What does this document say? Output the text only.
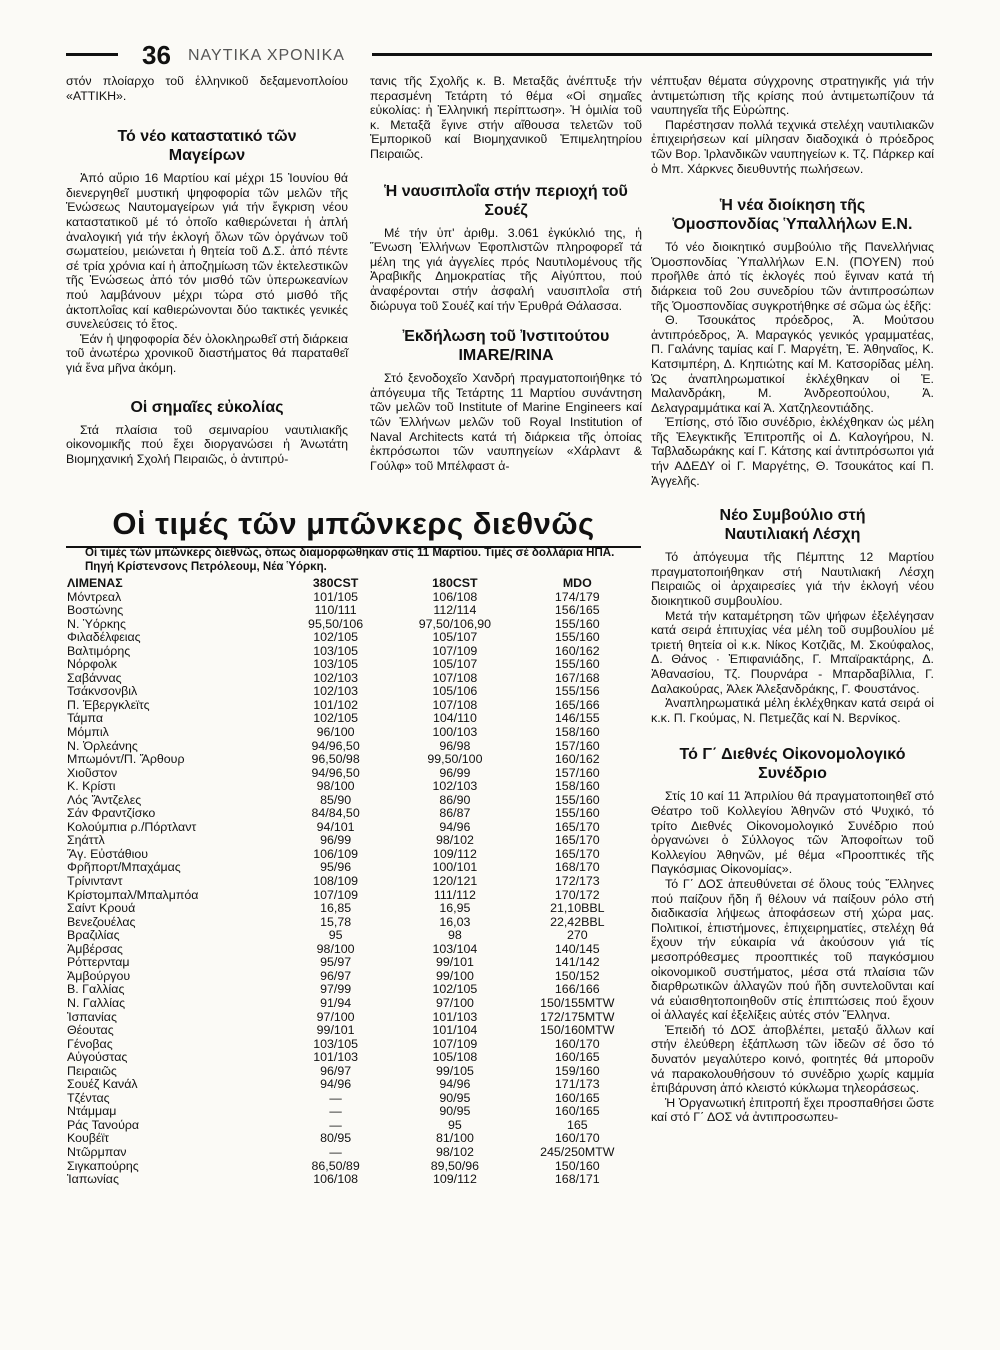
36 ΝΑΥΤΙΚΑ ΧΡΟΝΙΚΑ

στόν πλοίαρχο τοῦ ἑλληνικοῦ δεξαμενοπλοίου «ΑΤΤΙΚΗ».

Τό νέο καταστατικό τῶν Μαγείρων

Ἀπό αὔριο 16 Μαρτίου καί μέχρι 15 Ἰουνίου θά διενεργηθεῖ μυστική ψηφοφορία τῶν μελῶν τῆς Ἑνώσεως Ναυτομαγείρων γιά τήν ἔγκριση νέου καταστατικοῦ μέ τό ὁποῖο καθιερώνεται ἡ ἁπλή ἀναλογική γιά τήν ἐκλογή ὅλων τῶν ὀργάνων τοῦ σωματείου, μειώνεται ἡ θητεία τοῦ Δ.Σ. ἀπό πέντε σέ τρία χρόνια καί ἡ ἀποζημίωση τῶν ἐκτελεστικῶν τῆς Ἑνώσεως ἀπό τόν μισθό τῶν ὑπερωκεανίων πού λαμβάνουν μέχρι τώρα στό μισθό τῆς ἀκτοπλοΐας καί καθιερώνονται δύο τακτικές γενικές συνελεύσεις τό ἔτος.

Ἐάν ἡ ψηφοφορία δέν ὁλοκληρωθεῖ στή διάρκεια τοῦ ἀνωτέρω χρονικοῦ διαστήματος θά παραταθεῖ γιά ἕνα μῆνα ἀκόμη.

Οἱ σημαῖες εὐκολίας

Στά πλαίσια τοῦ σεμιναρίου ναυτιλιακῆς οἰκονομικῆς πού ἔχει διοργανώσει ἡ Ἀνωτάτη Βιομηχανική Σχολή Πειραιῶς, ὁ ἀντιπρύ-

τανις τῆς Σχολῆς κ. Β. Μεταξᾶς ἀνέπτυξε τήν περασμένη Τετάρτη τό θέμα «Οἱ σημαῖες εὐκολίας: ἡ Ἑλληνική περίπτωση». Ἡ ὁμιλία τοῦ κ. Μεταξᾶ ἔγινε στήν αἴθουσα τελετῶν τοῦ Ἐμπορικοῦ καί Βιομηχανικοῦ Ἐπιμελητηρίου Πειραιῶς.

Ἡ ναυσιπλοΐα στήν περιοχή τοῦ Σουέζ

Μέ τήν ὑπ' ἀριθμ. 3.061 ἐγκύκλιό της, ἡ Ἕνωση Ἑλλήνων Ἐφοπλιστῶν πληροφορεῖ τά μέλη της γιά ἀγγελίες πρός Ναυτιλομένους τῆς Ἀραβικῆς Δημοκρατίας τῆς Αἰγύπτου, πού ἀναφέρονται στήν ἀσφαλή ναυσιπλοΐα στή διώρυγα τοῦ Σουέζ καί τήν Ἐρυθρά Θάλασσα.

Ἐκδήλωση τοῦ Ἰνστιτούτου IMARE/RINA

Στό ξενοδοχεῖο Χανδρή πραγματοποιήθηκε τό ἀπόγευμα τῆς Τετάρτης 11 Μαρτίου συνάντηση τῶν μελῶν τοῦ Institute of Marine Engineers καί τῶν Ἑλλήνων μελῶν τοῦ Royal Institution of Naval Architects κατά τή διάρκεια τῆς ὁποίας ἐκπρόσωποι τῶν ναυπηγείων «Χάρλαντ & Γούλφ» τοῦ Μπέλφαστ ἀ-

νέπτυξαν θέματα σύγχρονης στρατηγικῆς γιά τήν ἀντιμετώπιση τῆς κρίσης πού ἀντιμετωπίζουν τά ναυπηγεῖα τῆς Εὐρώπης.

Παρέστησαν πολλά τεχνικά στελέχη ναυτιλιακῶν ἐπιχειρήσεων καί μίλησαν διαδοχικά ὁ πρόεδρος τῶν Βορ. Ἰρλανδικῶν ναυπηγείων κ. Τζ. Πάρκερ καί ὁ Μπ. Χάρκνες διευθυντής πωλήσεων.

Ἡ νέα διοίκηση τῆς Ὁμοσπονδίας Ὑπαλλήλων Ε.Ν.

Τό νέο διοικητικό συμβούλιο τῆς Πανελλήνιας Ὁμοσπονδίας Ὑπαλλήλων Ε.Ν. (ΠΟΥΕΝ) πού προῆλθε ἀπό τίς ἐκλογές πού ἔγιναν κατά τή διάρκεια τοῦ 2ου συνεδρίου τῶν ἀντιπροσώπων τῆς Ὁμοσπονδίας συγκροτήθηκε σέ σῶμα ὡς ἑξῆς:

Θ. Τσουκάτος πρόεδρος, Ἀ. Μούτσου ἀντιπρόεδρος, Ἀ. Μαραγκός γενικός γραμματέας, Π. Γαλάνης ταμίας καί Γ. Μαργέτη, Ἐ. Ἀθηναῖος, Κ. Κατσιμπέρη, Δ. Κηπιώτης καί Μ. Κατσορίδας μέλη. Ὡς ἀναπληρωματικοί ἐκλέχθηκαν οἱ Ἐ. Μαλανδράκη, Μ. Ἀνδρεοπούλου, Ἀ. Δελαγραμμάτικα καί Ἀ. Χατζηλεοντιάδης.

Ἐπίσης, στό ἴδιο συνέδριο, ἐκλέχθηκαν ὡς μέλη τῆς Ἐλεγκτικῆς Ἐπιτροπῆς οἱ Δ. Καλογήρου, Ν. Ταβλαδωράκης καί Γ. Κάτσης καί ἀντιπρόσωποι γιά τήν ΑΔΕΔΥ οἱ Γ. Μαργέτης, Θ. Τσουκάτος καί Π. Ἀγγελῆς.

Νέο Συμβούλιο στή Ναυτιλιακή Λέσχη

Τό ἀπόγευμα τῆς Πέμπτης 12 Μαρτίου πραγματοποιήθηκαν στή Ναυτιλιακή Λέσχη Πειραιῶς οἱ ἀρχαιρεσίες γιά τήν ἐκλογή νέου διοικητικοῦ συμβουλίου.

Μετά τήν καταμέτρηση τῶν ψήφων ἐξελέγησαν κατά σειρά ἐπιτυχίας νέα μέλη τοῦ συμβουλίου μέ τριετή θητεία οἱ κ.κ. Νίκος Κοτζιᾶς, Μ. Σκούφαλος, Δ. Θάνος · Ἐπιφανιάδης, Γ. Μπαϊρακτάρης, Δ. Ἀθανασίου, Τζ. Πουρνάρα - Μπαρδαβίλλια, Γ. Δαλακούρας, Ἀλεκ Ἀλεξανδράκης, Γ. Φουστάνος.

Ἀναπληρωματικά μέλη ἐκλέχθηκαν κατά σειρά οἱ κ.κ. Π. Γκούμας, Ν. Πετμεζᾶς καί Ν. Βερνίκος.

Τό Γ΄ Διεθνές Οἰκονομολογικό Συνέδριο

Στίς 10 καί 11 Ἀπριλίου θά πραγματοποιηθεῖ στό Θέατρο τοῦ Κολλεγίου Ἀθηνῶν στό Ψυχικό, τό τρίτο Διεθνές Οἰκονομολογικό Συνέδριο πού ὀργανώνει ὁ Σύλλογος τῶν Ἀποφοίτων τοῦ Κολλεγίου Ἀθηνῶν, μέ θέμα «Προοπτικές τῆς Παγκόσμιας Οἰκονομίας».

Τό Γ΄ ΔΟΣ ἀπευθύνεται σέ ὅλους τούς Ἕλληνες πού παίζουν ἤδη ἤ θέλουν νά παίξουν ρόλο στή διαδικασία λήψεως ἀποφάσεων στή χώρα μας. Πολιτικοί, ἐπιστήμονες, ἐπιχειρηματίες, στελέχη θά ἔχουν τήν εὐκαιρία νά ἀκούσουν γιά τίς μεσοπρόθεσμες προοπτικές τοῦ παγκόσμιου οἰκονομικοῦ συστήματος, μέσα στά πλαίσια τῶν διαρθρωτικῶν ἀλλαγῶν πού ἤδη συντελοῦνται καί νά εὐαισθητοποιηθοῦν στίς ἐπιπτώσεις πού ἔχουν οἱ ἀλλαγές καί ἐξελίξεις αὐτές στόν Ἕλληνα.

Ἐπειδή τό ΔΟΣ ἀποβλέπει, μεταξύ ἄλλων καί στήν ἐλεύθερη ἐξάπλωση τῶν ἰδεῶν σέ ὅσο τό δυνατόν μεγαλύτερο κοινό, φοιτητές θά μποροῦν νά παρακολουθήσουν τό συνέδριο χωρίς καμμία ἐπιβάρυνση ἀπό κλειστό κύκλωμα τηλεοράσεως.

Ἡ Ὀργανωτική ἐπιτροπή ἔχει προσπαθήσει ὥστε καί στό Γ΄ ΔΟΣ νά ἀντιπροσωπευ-

Οἱ τιμές τῶν μπῶνκερς διεθνῶς
Οἱ τιμές τῶν μπῶνκερς διεθνῶς, ὅπως διαμορφώθηκαν στίς 11 Μαρτίου. Τιμές σέ δολλάρια ΗΠΑ. Πηγή Κρίστενσονς Πετρόλεουμ, Νέα Ὑόρκη.
ΛΙΜΕΝΑΣ	380CST	180CST	MDO
Μόντρεαλ	101/105	106/108	174/179
Βοστώνης	110/111	112/114	156/165
Ν. Ὑόρκης	95,50/106	97,50/106,90	155/160
Φιλαδέλφειας	102/105	105/107	155/160
Βαλτιμόρης	103/105	107/109	160/162
Νόρφολκ	103/105	105/107	155/160
Σαβάννας	102/103	107/108	167/168
Τσάκνσονβιλ	102/103	105/106	155/156
Π. Ἐβεργκλεϊτς	101/102	107/108	165/166
Τάμπα	102/105	104/110	146/155
Μόμπιλ	96/100	100/103	158/160
Ν. Ὀρλεάνης	94/96,50	96/98	157/160
Μπωμόντ/Π. Ἄρθουρ	96,50/98	99,50/100	160/162
Χιοῦστον	94/96,50	96/99	157/160
Κ. Κρίστι	98/100	102/103	158/160
Λός Ἄντζελες	85/90	86/90	155/160
Σάν Φραντζίσκο	84/84,50	86/87	155/160
Κολούμπια ρ./Πόρτλαντ	94/101	94/96	165/170
Σηάττλ	96/99	98/102	165/170
Ἅγ. Εὐστάθιου	106/109	109/112	165/170
Φρῆπορτ/Μπαχάμας	95/96	100/101	168/170
Τρίνινταντ	108/109	120/121	172/173
Κρίστομπαλ/Μπαλμπόα	107/109	111/112	170/172
Σαίντ Κρουά	16,85	16,95	21,10BBL
Βενεζουέλας	15,78	16,03	22,42BBL
Βραζιλίας	95	98	270
Ἀμβέρσας	98/100	103/104	140/145
Ρόττερνταμ	95/97	99/101	141/142
Ἀμβούργου	96/97	99/100	150/152
Β. Γαλλίας	97/99	102/105	166/166
Ν. Γαλλίας	91/94	97/100	150/155MTW
Ἰσπανίας	97/100	101/103	172/175MTW
Θέουτας	99/101	101/104	150/160MTW
Γένοβας	103/105	107/109	160/170
Αὐγούστας	101/103	105/108	160/165
Πειραιῶς	96/97	99/105	159/160
Σουέζ Κανάλ	94/96	94/96	171/173
Τζέντας	—	90/95	160/165
Ντάμμαμ	—	90/95	160/165
Ράς Τανούρα	—	95	165
Κουβέϊτ	80/95	81/100	160/170
Ντῶρμπαν	—	98/102	245/250MTW
Σιγκαπούρης	86,50/89	89,50/96	150/160
Ἰαπωνίας	106/108	109/112	168/171
